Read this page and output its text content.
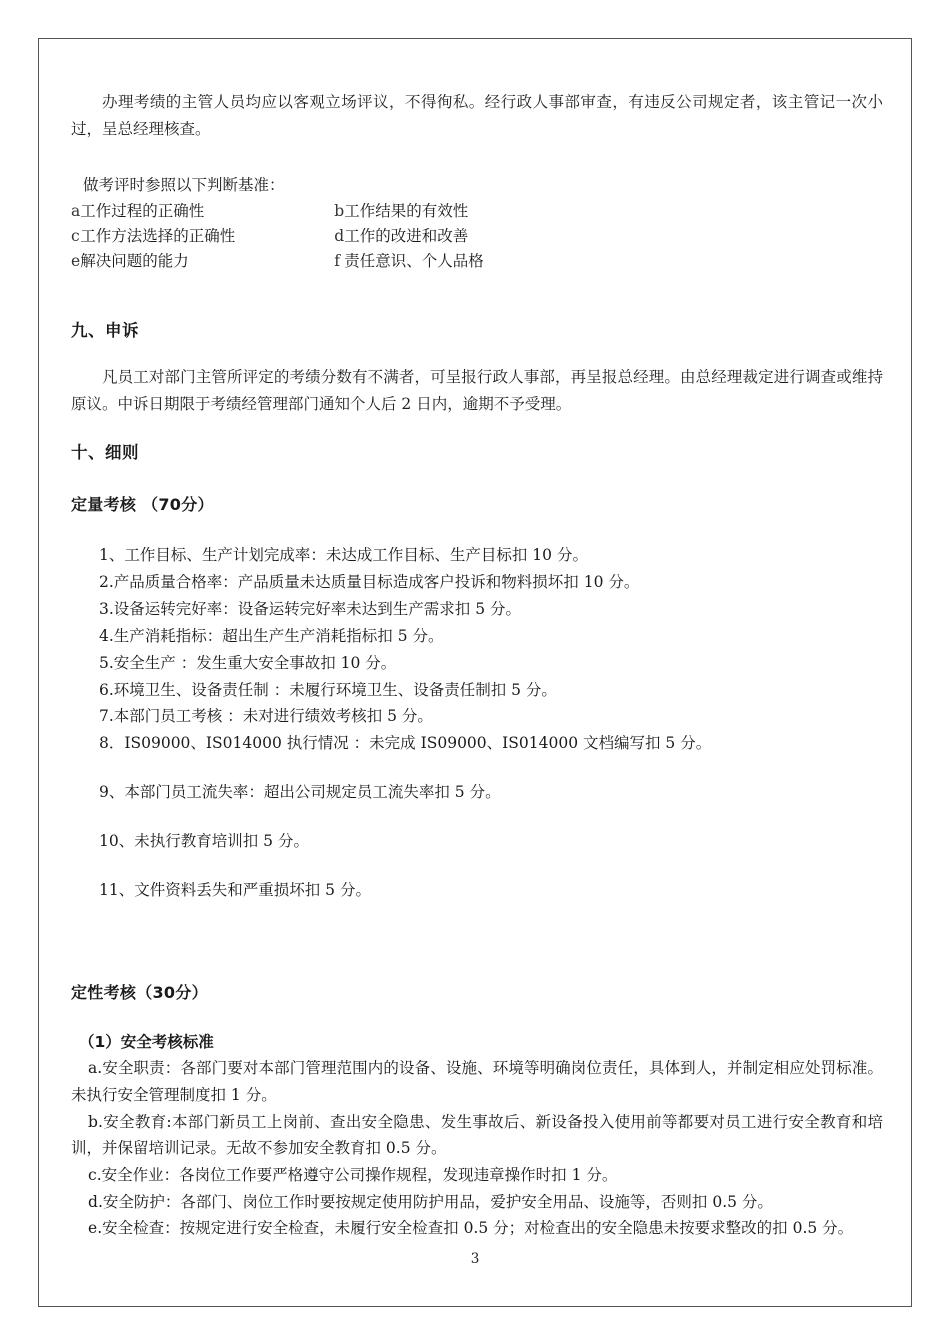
办理考绩的主管人员均应以客观立场评议，不得徇私。经行政人事部审查，有违反公司规定者，该主管记一次小过，呈总经理核查。

做考评时参照以下判断基准：

a	工作过程的正确性	b	工作结果的有效性
c	工作方法选择的正确性	d	工作的改进和改善
e	解决问题的能力	f	责任意识、个人品格
九、申诉

凡员工对部门主管所评定的考绩分数有不满者，可呈报行政人事部，再呈报总经理。由总经理裁定进行调查或维持原议。中诉日期限于考绩经管理部门通知个人后 2 日内，逾期不予受理。

十、细则
定量考核 （70分）
1、工作目标、生产计划完成率：未达成工作目标、生产目标扣 10 分。
2.产品质量合格率：产品质量未达质量目标造成客户投诉和物料损坏扣 10 分。
3.设备运转完好率：设备运转完好率未达到生产需求扣 5 分。
4.生产消耗指标：超出生产生产消耗指标扣 5 分。
5.安全生产 ：发生重大安全事故扣 10 分。
6.环境卫生、设备责任制 ：未履行环境卫生、设备责任制扣 5 分。
7.本部门员工考核 ：未对进行绩效考核扣 5 分。
8．IS09000、IS014000 执行情况 ：未完成 IS09000、IS014000 文档编写扣 5 分。
9、本部门员工流失率：超出公司规定员工流失率扣 5 分。
10、未执行教育培训扣 5 分。
11、文件资料丢失和严重损坏扣 5 分。
定性考核（30分）
（1）安全考核标准
a.安全职责：各部门要对本部门管理范围内的设备、设施、环境等明确岗位责任，具体到人，并制定相应处罚标准。未执行安全管理制度扣 1 分。
b.安全教育:本部门新员工上岗前、查出安全隐患、发生事故后、新设备投入使用前等都要对员工进行安全教育和培训，并保留培训记录。无故不参加安全教育扣 0.5 分。
c.安全作业：各岗位工作要严格遵守公司操作规程，发现违章操作时扣 1 分。
d.安全防护：各部门、岗位工作时要按规定使用防护用品，爱护安全用品、设施等，否则扣 0.5 分。
e.安全检查：按规定进行安全检查，未履行安全检查扣 0.5 分；对检查出的安全隐患未按要求整改的扣 0.5 分。
3
